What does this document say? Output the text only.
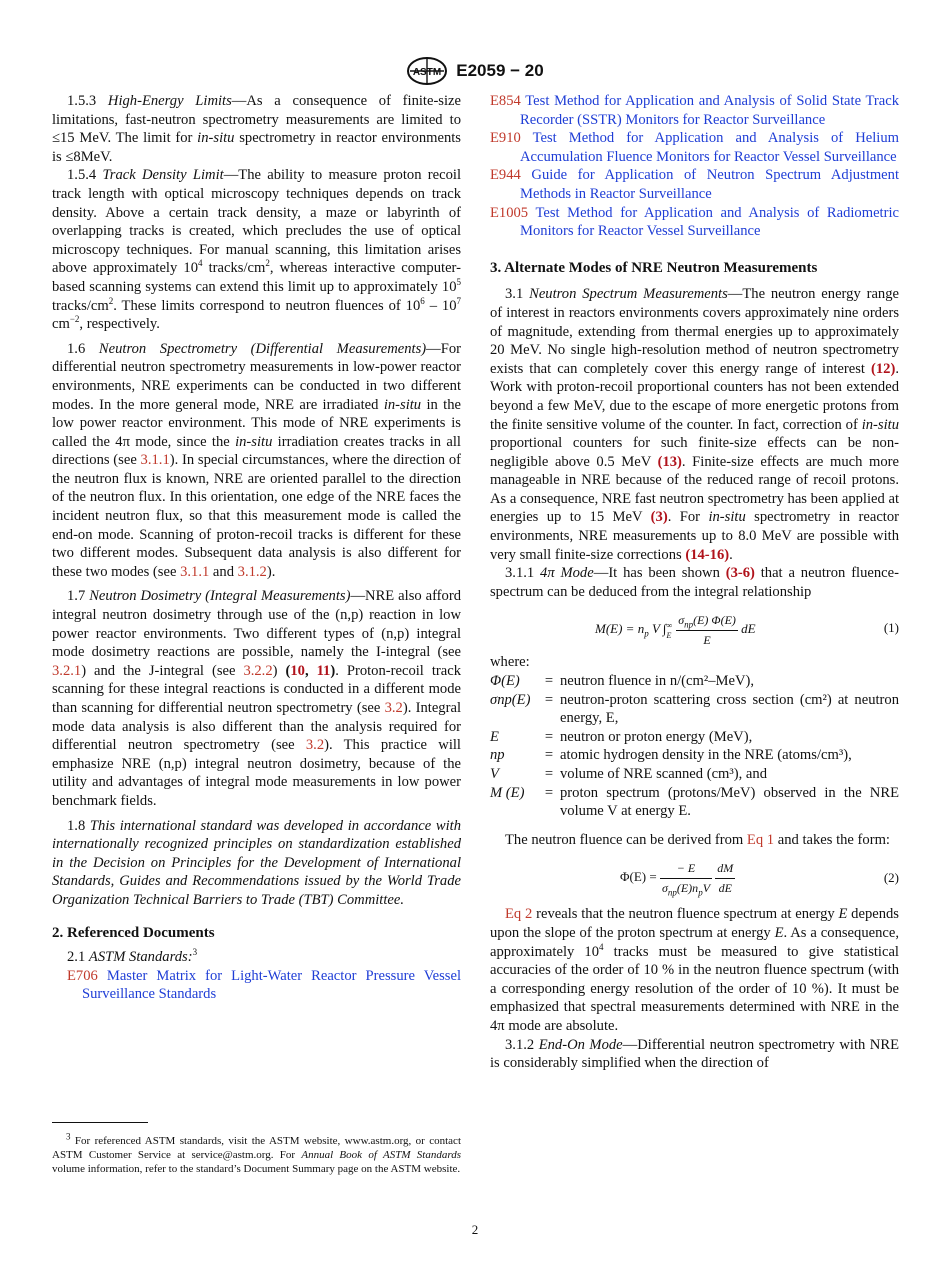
ASTM E2059 − 20

1.5.3 High-Energy Limits—As a consequence of finite-size limitations, fast-neutron spectrometry measurements are limited to ≤15 MeV. The limit for in-situ spectrometry in reactor environments is ≤8MeV.

1.5.4 Track Density Limit—The ability to measure proton recoil track length with optical microscopy techniques depends on track density. Above a certain track density, a maze or labyrinth of overlapping tracks is created, which precludes the use of optical microscopy techniques. For manual scanning, this limitation arises above approximately $10^4$ tracks/$cm^2$, whereas interactive computer-based scanning systems can extend this limit up to approximately $10^5$ tracks/$cm^2$. These limits correspond to neutron fluences of $10^6 - 10^7$ $cm^{-2}$, respectively.

1.6 Neutron Spectrometry (Differential Measurements)—For differential neutron spectrometry measurements in low-power reactor environments, NRE experiments can be conducted in two different modes. In the more general mode, NRE are irradiated in-situ in the low power reactor environment. This mode of NRE experiments is called the 4π mode, since the in-situ irradiation creates tracks in all directions (see 3.1.1). In special circumstances, where the direction of the neutron flux is known, NRE are oriented parallel to the direction of the neutron flux. In this orientation, one edge of the NRE faces the incident neutron flux, so that this measurement mode is called the end-on mode. Scanning of proton-recoil tracks is different for these two different modes. Subsequent data analysis is also different for these two modes (see 3.1.1 and 3.1.2).

1.7 Neutron Dosimetry (Integral Measurements)—NRE also afford integral neutron dosimetry through use of the (n,p) reaction in low power reactor environments. Two different types of (n,p) integral mode dosimetry reactions are possible, namely the I-integral (see 3.2.1) and the J-integral (see 3.2.2) (10, 11). Proton-recoil track scanning for these integral reactions is conducted in a different mode than scanning for differential neutron spectrometry (see 3.2). Integral mode data analysis is also different than the analysis required for differential neutron spectrometry (see 3.2). This practice will emphasize NRE (n,p) integral neutron dosimetry, because of the utility and advantages of integral mode measurements in low power benchmark fields.

1.8 This international standard was developed in accordance with internationally recognized principles on standardization established in the Decision on Principles for the Development of International Standards, Guides and Recommendations issued by the World Trade Organization Technical Barriers to Trade (TBT) Committee.

2. Referenced Documents

2.1 ASTM Standards:$^3$

E706 Master Matrix for Light-Water Reactor Pressure Vessel Surveillance Standards

$^3$ For referenced ASTM standards, visit the ASTM website, www.astm.org, or contact ASTM Customer Service at service@astm.org. For Annual Book of ASTM Standards volume information, refer to the standard’s Document Summary page on the ASTM website.

E854 Test Method for Application and Analysis of Solid State Track Recorder (SSTR) Monitors for Reactor Surveillance

E910 Test Method for Application and Analysis of Helium Accumulation Fluence Monitors for Reactor Vessel Surveillance

E944 Guide for Application of Neutron Spectrum Adjustment Methods in Reactor Surveillance

E1005 Test Method for Application and Analysis of Radiometric Monitors for Reactor Vessel Surveillance

3. Alternate Modes of NRE Neutron Measurements

3.1 Neutron Spectrum Measurements—The neutron energy range of interest in reactors environments covers approximately nine orders of magnitude, extending from thermal energies up to approximately 20 MeV. No single high-resolution method of neutron spectrometry exists that can completely cover this energy range of interest (12). Work with proton-recoil proportional counters has not been extended beyond a few MeV, due to the escape of more energetic protons from the finite sensitive volume of the counter. In fact, correction of in-situ proportional counters for such finite-size effects can be non-negligible above 0.5 MeV (13). Finite-size effects are much more manageable in NRE because of the reduced range of recoil protons. As a consequence, NRE fast neutron spectrometry has been applied at energies up to 15 MeV (3). For in-situ spectrometry in reactor environments, NRE measurements up to 8.0 MeV are possible with very small finite-size corrections (14-16).

3.1.1 4π Mode—It has been shown (3-6) that a neutron fluence-spectrum can be deduced from the integral relationship

$M(E) = n_p$ V ∫ ∞
E $\frac{\sigma_{np}(E) \Phi(E)}{E}$ dE	(1)

where:

Φ(E)	=	neutron fluence in n/(cm²–MeV),
σnp(E)	=	neutron-proton scattering cross section (cm²) at neutron energy, E,
E	=	neutron or proton energy (MeV),
np	=	atomic hydrogen density in the NRE (atoms/cm³),
V	=	volume of NRE scanned (cm³), and
M (E)	=	proton spectrum (protons/MeV) observed in the NRE volume V at energy E.

The neutron fluence can be derived from Eq 1 and takes the form:

$\Phi(E) = \frac{- E}{\sigma_{np}(E)n_pV}$
$\frac{dM}{dE}$	(2)

Eq 2 reveals that the neutron fluence spectrum at energy E depends upon the slope of the proton spectrum at energy E. As a consequence, approximately $10^4$ tracks must be measured to give statistical accuracies of the order of 10 % in the neutron fluence spectrum (with a corresponding energy resolution of the order of 10 %). It must be emphasized that spectral measurements determined with NRE in the 4π mode are absolute.

3.1.2 End-On Mode—Differential neutron spectrometry with NRE is considerably simplified when the direction of

2
